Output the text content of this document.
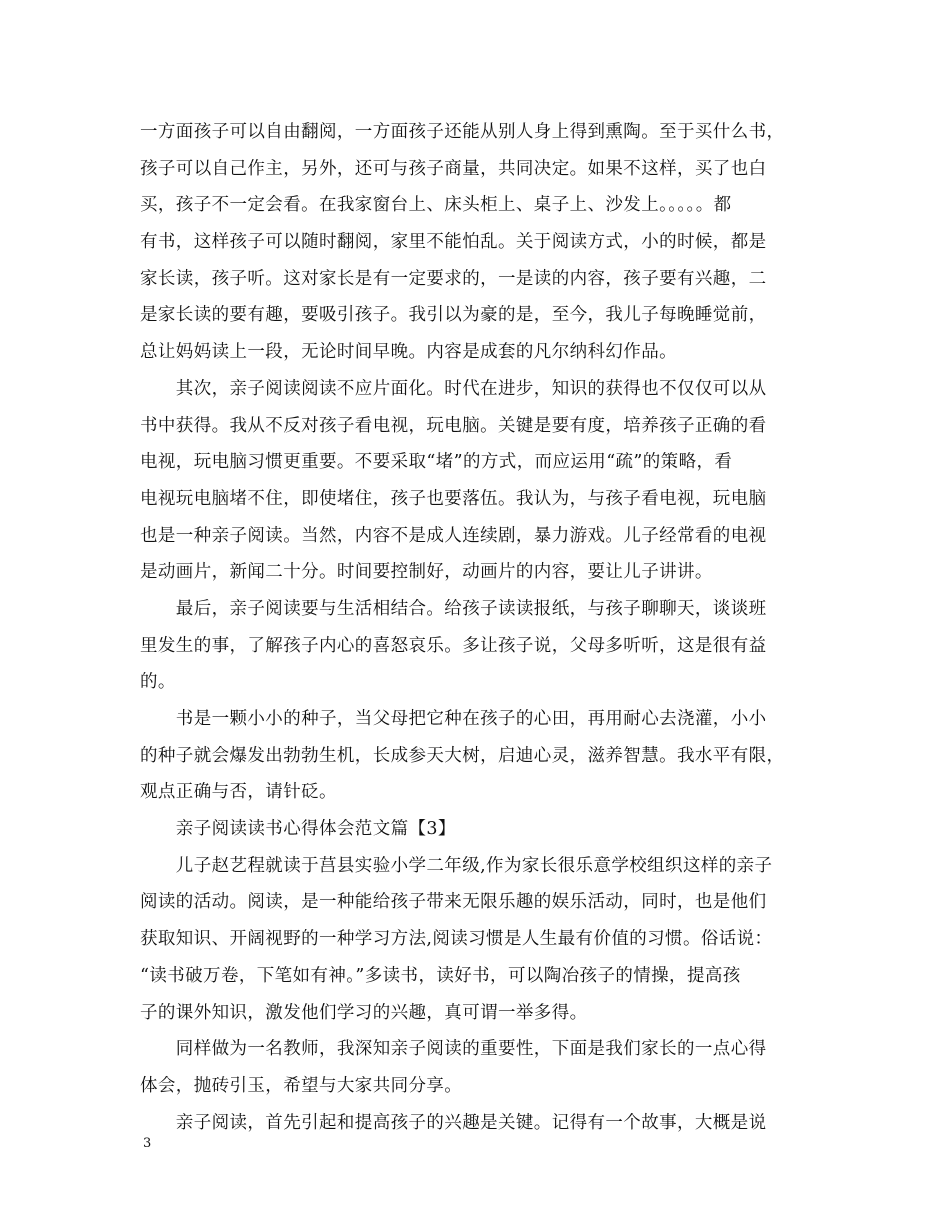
一方面孩子可以自由翻阅，一方面孩子还能从别人身上得到熏陶。至于买什么书，
孩子可以自己作主，另外，还可与孩子商量，共同决定。如果不这样，买了也白
买，孩子不一定会看。在我家窗台上、床头柜上、桌子上、沙发上。。。。。都
有书，这样孩子可以随时翻阅，家里不能怕乱。关于阅读方式，小的时候，都是
家长读，孩子听。这对家长是有一定要求的，一是读的内容，孩子要有兴趣，二
是家长读的要有趣，要吸引孩子。我引以为豪的是，至今，我儿子每晚睡觉前，
总让妈妈读上一段，无论时间早晚。内容是成套的凡尔纳科幻作品。
　　其次，亲子阅读阅读不应片面化。时代在进步，知识的获得也不仅仅可以从
书中获得。我从不反对孩子看电视，玩电脑。关键是要有度，培养孩子正确的看
电视，玩电脑习惯更重要。不要采取“堵”的方式，而应运用“疏”的策略，看
电视玩电脑堵不住，即使堵住，孩子也要落伍。我认为，与孩子看电视，玩电脑
也是一种亲子阅读。当然，内容不是成人连续剧，暴力游戏。儿子经常看的电视
是动画片，新闻二十分。时间要控制好，动画片的内容，要让儿子讲讲。
　　最后，亲子阅读要与生活相结合。给孩子读读报纸，与孩子聊聊天，谈谈班
里发生的事，了解孩子内心的喜怒哀乐。多让孩子说，父母多听听，这是很有益
的。
　　书是一颗小小的种子，当父母把它种在孩子的心田，再用耐心去浇灌，小小
的种子就会爆发出勃勃生机，长成参天大树，启迪心灵，滋养智慧。我水平有限，
观点正确与否，请针砭。
　　亲子阅读读书心得体会范文篇【3】
　　儿子赵艺程就读于莒县实验小学二年级,作为家长很乐意学校组织这样的亲子
阅读的活动。阅读，是一种能给孩子带来无限乐趣的娱乐活动，同时，也是他们
获取知识、开阔视野的一种学习方法,阅读习惯是人生最有价值的习惯。俗话说：
“读书破万卷，下笔如有神。”多读书，读好书，可以陶冶孩子的情操，提高孩
子的课外知识，激发他们学习的兴趣，真可谓一举多得。
　　同样做为一名教师，我深知亲子阅读的重要性，下面是我们家长的一点心得
体会，抛砖引玉，希望与大家共同分享。
　　亲子阅读，首先引起和提高孩子的兴趣是关键。记得有一个故事，大概是说
3
